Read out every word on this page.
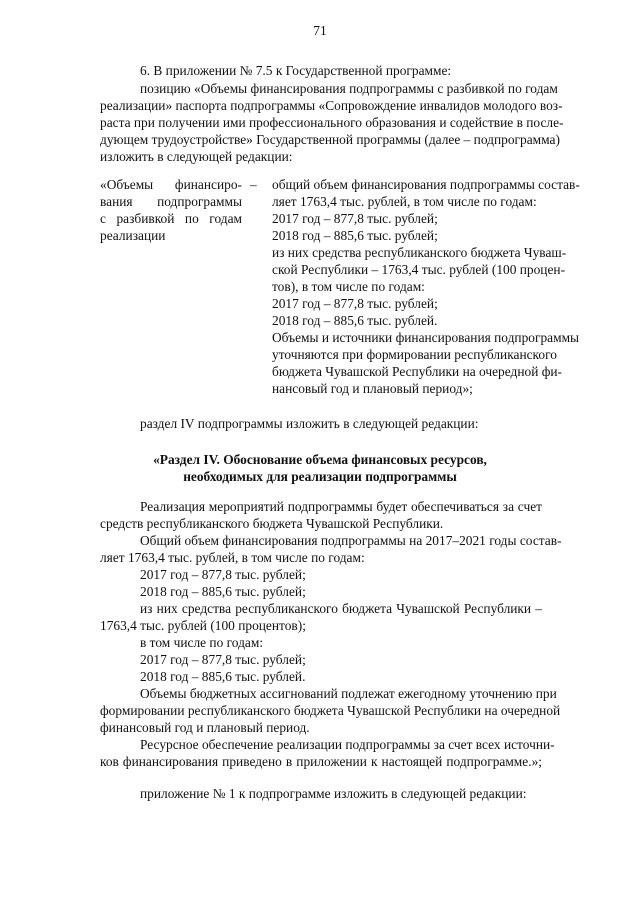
71
6. В приложении № 7.5 к Государственной программе:
позицию «Объемы финансирования подпрограммы с разбивкой по годам
реализации» паспорта подпрограммы «Сопровождение инвалидов молодого воз-
раста при получении ими профессионального образования и содействие в после-
дующем трудоустройстве» Государственной программы (далее – подпрограмма)
изложить в следующей редакции:
«Объемы финансиро-
вания подпрограммы
с разбивкой по годам
реализации
– общий объем финансирования подпрограммы состав-
ляет 1763,4 тыс. рублей, в том числе по годам:
2017 год – 877,8 тыс. рублей;
2018 год – 885,6 тыс. рублей;
из них средства республиканского бюджета Чуваш-
ской Республики – 1763,4 тыс. рублей (100 процен-
тов), в том числе по годам:
2017 год – 877,8 тыс. рублей;
2018 год – 885,6 тыс. рублей.
Объемы и источники финансирования подпрограммы
уточняются при формировании республиканского
бюджета Чувашской Республики на очередной фи-
нансовый год и плановый период»;
раздел IV подпрограммы изложить в следующей редакции:
«Раздел IV. Обоснование объема финансовых ресурсов,
необходимых для реализации подпрограммы
Реализация мероприятий подпрограммы будет обеспечиваться за счет
средств республиканского бюджета Чувашской Республики.
Общий объем финансирования подпрограммы на 2017–2021 годы состав-
ляет 1763,4 тыс. рублей, в том числе по годам:
2017 год – 877,8 тыс. рублей;
2018 год – 885,6 тыс. рублей;
из них средства республиканского бюджета Чувашской Республики –
1763,4 тыс. рублей (100 процентов);
в том числе по годам:
2017 год – 877,8 тыс. рублей;
2018 год – 885,6 тыс. рублей.
Объемы бюджетных ассигнований подлежат ежегодному уточнению при
формировании республиканского бюджета Чувашской Республики на очередной
финансовый год и плановый период.
Ресурсное обеспечение реализации подпрограммы за счет всех источни-
ков финансирования приведено в приложении к настоящей подпрограмме.»;
приложение № 1 к подпрограмме изложить в следующей редакции:
